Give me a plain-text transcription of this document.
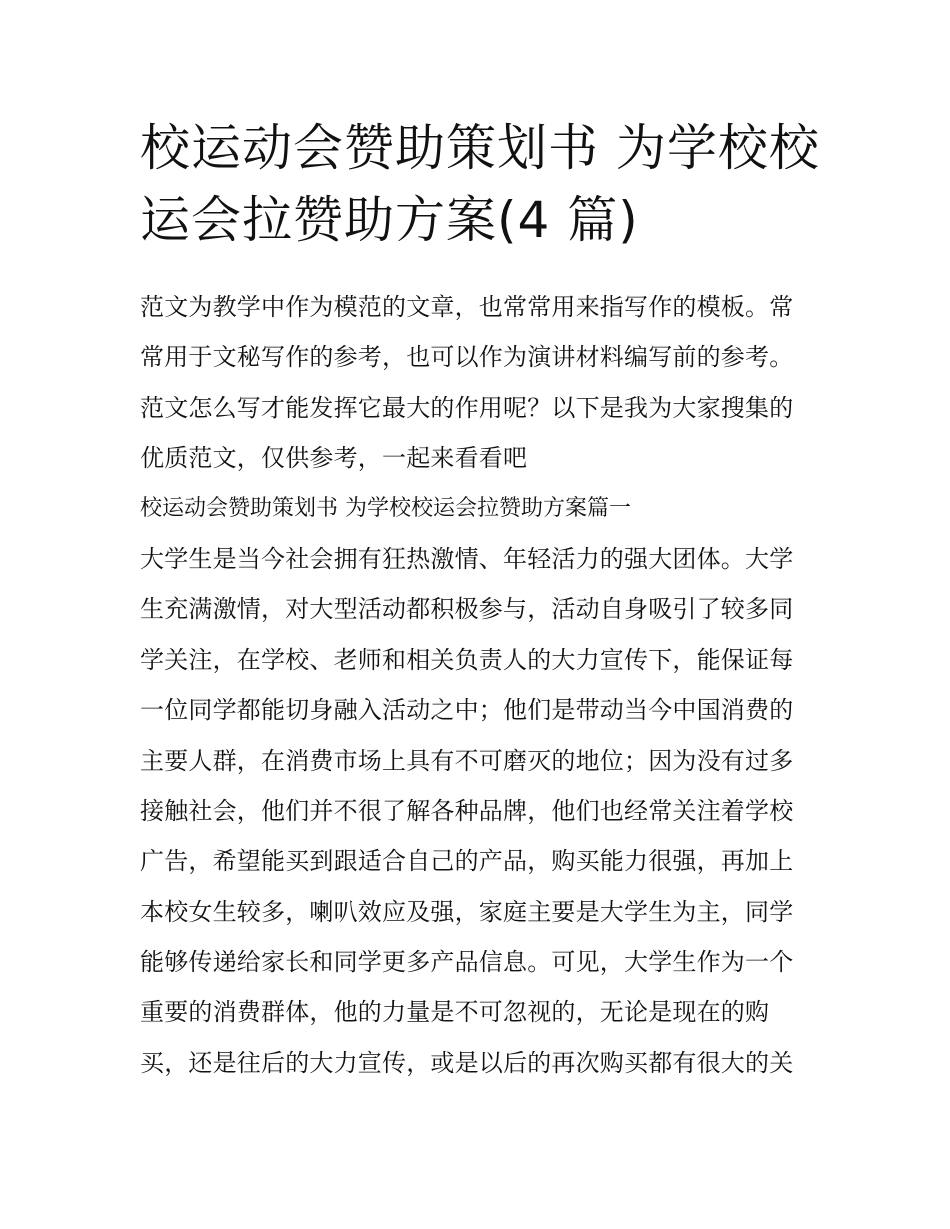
校运动会赞助策划书 为学校校
运会拉赞助方案(4 篇)
范文为教学中作为模范的文章，也常常用来指写作的模板。常
常用于文秘写作的参考，也可以作为演讲材料编写前的参考。
范文怎么写才能发挥它最大的作用呢？以下是我为大家搜集的
优质范文，仅供参考，一起来看看吧
校运动会赞助策划书 为学校校运会拉赞助方案篇一
大学生是当今社会拥有狂热激情、年轻活力的强大团体。大学
生充满激情，对大型活动都积极参与，活动自身吸引了较多同
学关注，在学校、老师和相关负责人的大力宣传下，能保证每
一位同学都能切身融入活动之中；他们是带动当今中国消费的
主要人群，在消费市场上具有不可磨灭的地位；因为没有过多
接触社会，他们并不很了解各种品牌，他们也经常关注着学校
广告，希望能买到跟适合自己的产品，购买能力很强，再加上
本校女生较多，喇叭效应及强，家庭主要是大学生为主，同学
能够传递给家长和同学更多产品信息。可见，大学生作为一个
重要的消费群体，他的力量是不可忽视的，无论是现在的购
买，还是往后的大力宣传，或是以后的再次购买都有很大的关
